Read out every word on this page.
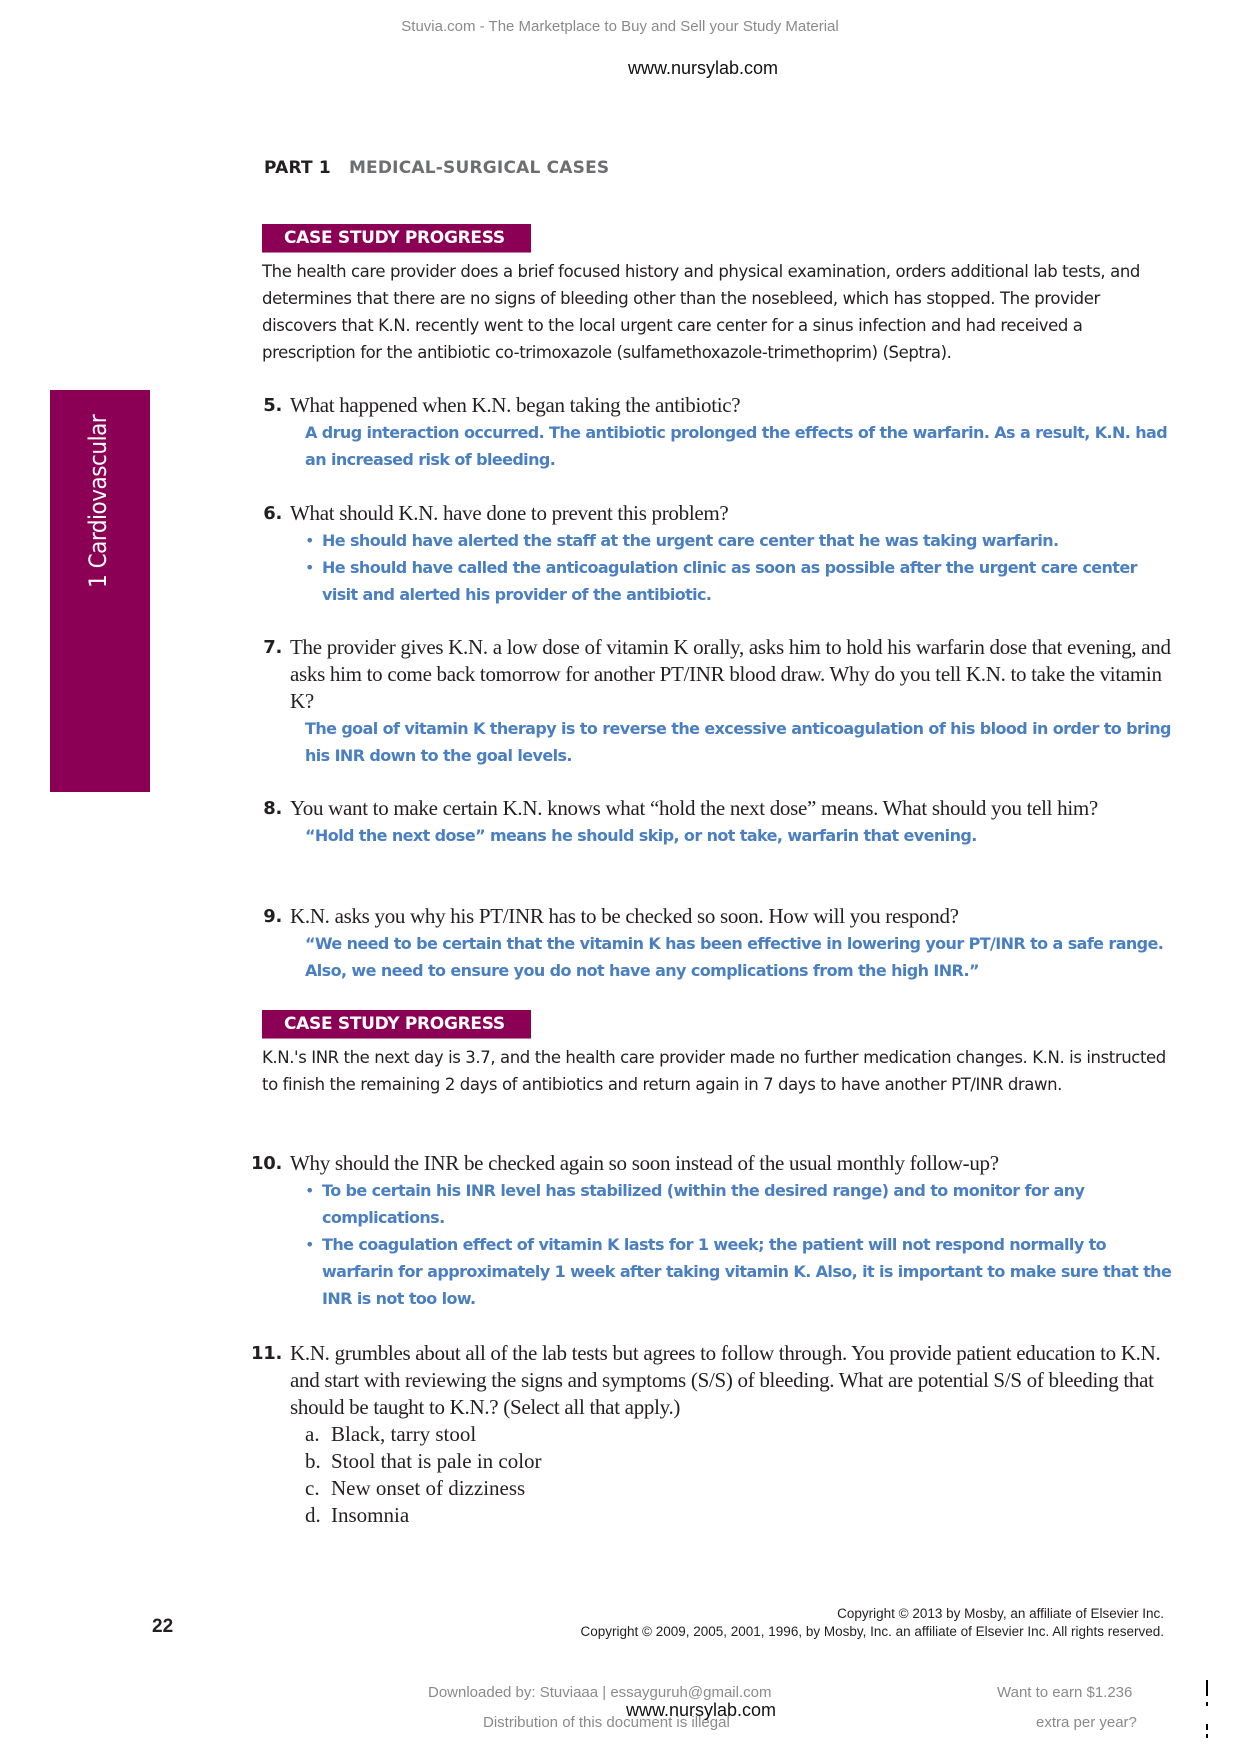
Stuvia.com - The Marketplace to Buy and Sell your Study Material
www.nursylab.com
PART 1 MEDICAL-SURGICAL CASES
1 Cardiovascular
CASE STUDY PROGRESS
The health care provider does a brief focused history and physical examination, orders additional lab tests, and determines that there are no signs of bleeding other than the nosebleed, which has stopped. The provider discovers that K.N. recently went to the local urgent care center for a sinus infection and had received a prescription for the antibiotic co-trimoxazole (sulfamethoxazole-trimethoprim) (Septra).
5. What happened when K.N. began taking the antibiotic?
A drug interaction occurred. The antibiotic prolonged the effects of the warfarin. As a result, K.N. had an increased risk of bleeding.
6. What should K.N. have done to prevent this problem?
• He should have alerted the staff at the urgent care center that he was taking warfarin.
• He should have called the anticoagulation clinic as soon as possible after the urgent care center visit and alerted his provider of the antibiotic.
7. The provider gives K.N. a low dose of vitamin K orally, asks him to hold his warfarin dose that evening, and asks him to come back tomorrow for another PT/INR blood draw. Why do you tell K.N. to take the vitamin K?
The goal of vitamin K therapy is to reverse the excessive anticoagulation of his blood in order to bring his INR down to the goal levels.
8. You want to make certain K.N. knows what “hold the next dose” means. What should you tell him?
“Hold the next dose” means he should skip, or not take, warfarin that evening.
9. K.N. asks you why his PT/INR has to be checked so soon. How will you respond?
“We need to be certain that the vitamin K has been effective in lowering your PT/INR to a safe range. Also, we need to ensure you do not have any complications from the high INR.”
CASE STUDY PROGRESS
K.N.'s INR the next day is 3.7, and the health care provider made no further medication changes. K.N. is instructed to finish the remaining 2 days of antibiotics and return again in 7 days to have another PT/INR drawn.
10. Why should the INR be checked again so soon instead of the usual monthly follow-up?
• To be certain his INR level has stabilized (within the desired range) and to monitor for any complications.
• The coagulation effect of vitamin K lasts for 1 week; the patient will not respond normally to warfarin for approximately 1 week after taking vitamin K. Also, it is important to make sure that the INR is not too low.
11. K.N. grumbles about all of the lab tests but agrees to follow through. You provide patient education to K.N. and start with reviewing the signs and symptoms (S/S) of bleeding. What are potential S/S of bleeding that should be taught to K.N.? (Select all that apply.)
a. Black, tarry stool
b. Stool that is pale in color
c. New onset of dizziness
d. Insomnia
22
Copyright © 2013 by Mosby, an affiliate of Elsevier Inc.
Copyright © 2009, 2005, 2001, 1996, by Mosby, Inc. an affiliate of Elsevier Inc. All rights reserved.
Downloaded by: Stuviaaa | essayguruh@gmail.com
Distribution of this document is illegal
www.nursylab.com
Want to earn $1.236
extra per year?
